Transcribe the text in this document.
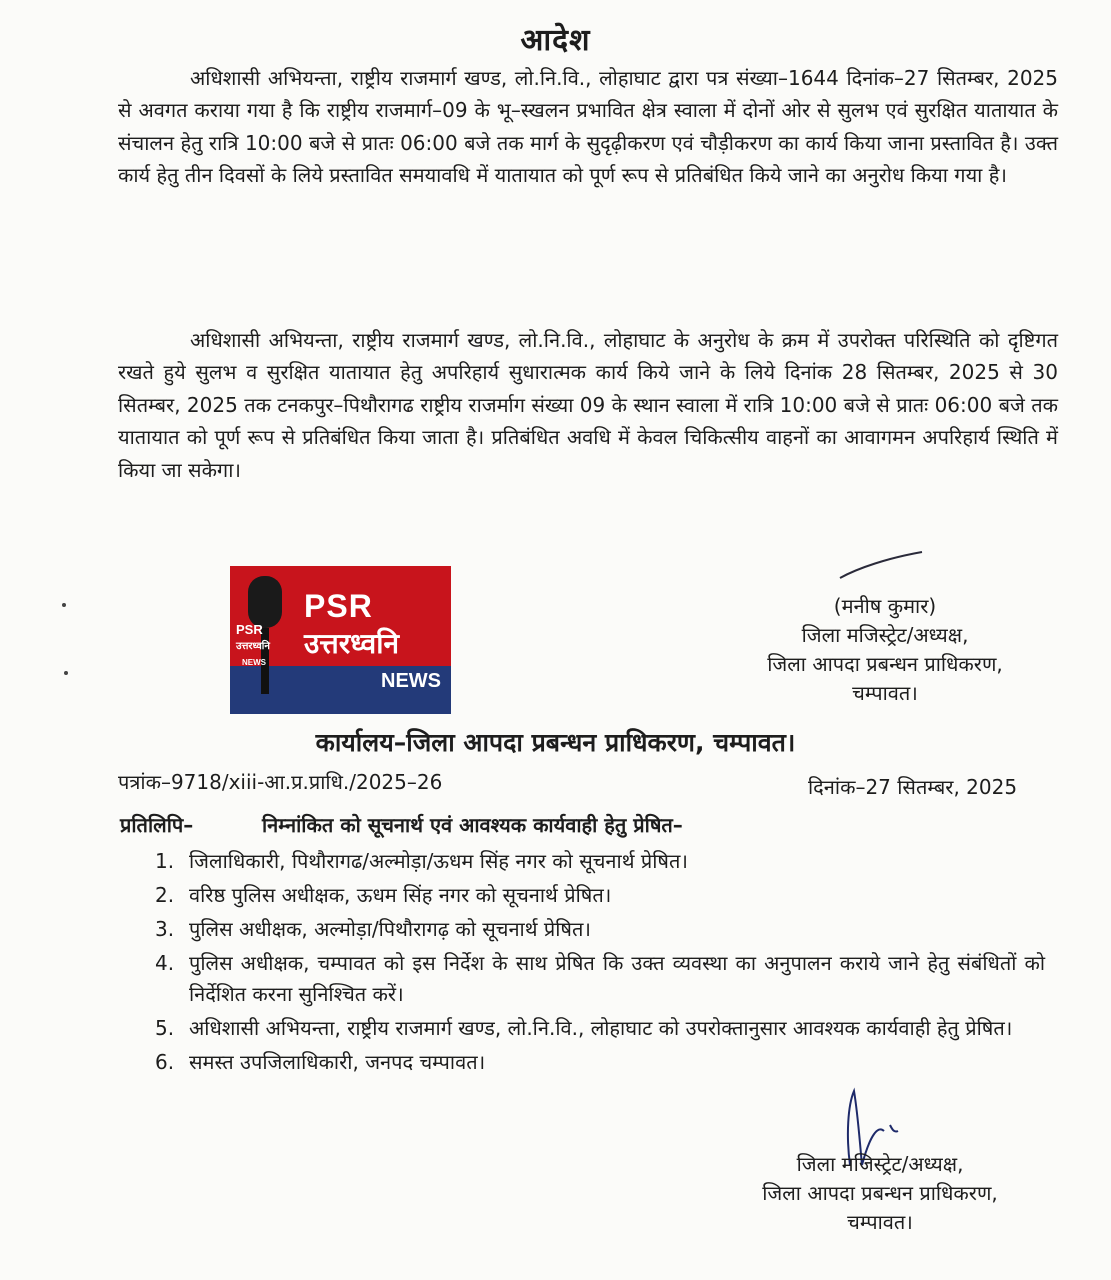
आदेश

अधिशासी अभियन्ता, राष्ट्रीय राजमार्ग खण्ड, लो.नि.वि., लोहाघाट द्वारा पत्र संख्या–1644 दिनांक–27 सितम्बर, 2025 से अवगत कराया गया है कि राष्ट्रीय राजमार्ग–09 के भू–स्खलन प्रभावित क्षेत्र स्वाला में दोनों ओर से सुलभ एवं सुरक्षित यातायात के संचालन हेतु रात्रि 10:00 बजे से प्रातः 06:00 बजे तक मार्ग के सुदृढ़ीकरण एवं चौड़ीकरण का कार्य किया जाना प्रस्तावित है। उक्त कार्य हेतु तीन दिवसों के लिये प्रस्तावित समयावधि में यातायात को पूर्ण रूप से प्रतिबंधित किये जाने का अनुरोध किया गया है।

अधिशासी अभियन्ता, राष्ट्रीय राजमार्ग खण्ड, लो.नि.वि., लोहाघाट के अनुरोध के क्रम में उपरोक्त परिस्थिति को दृष्टिगत रखते हुये सुलभ व सुरक्षित यातायात हेतु अपरिहार्य सुधारात्मक कार्य किये जाने के लिये दिनांक 28 सितम्बर, 2025 से 30 सितम्बर, 2025 तक टनकपुर–पिथौरागढ राष्ट्रीय राजर्माग संख्या 09 के स्थान स्वाला में रात्रि 10:00 बजे से प्रातः 06:00 बजे तक यातायात को पूर्ण रूप से प्रतिबंधित किया जाता है। प्रतिबंधित अवधि में केवल चिकित्सीय वाहनों का आवागमन अपरिहार्य स्थिति में किया जा सकेगा।

(मनीष कुमार)
जिला मजिस्ट्रेट/अध्यक्ष,
जिला आपदा प्रबन्धन प्राधिकरण,
चम्पावत।
PSR
उत्तरध्वनि
NEWS
PSR
उत्तरध्वनि
NEWS
कार्यालय–जिला आपदा प्रबन्धन प्राधिकरण, चम्पावत।
पत्रांक–9718/xiii-आ.प्र.प्राधि./2025–26	दिनांक–27 सितम्बर, 2025
प्रतिलिपि–	निम्नांकित को सूचनार्थ एवं आवश्यक कार्यवाही हेतु प्रेषित–
1. जिलाधिकारी, पिथौरागढ/अल्मोड़ा/ऊधम सिंह नगर को सूचनार्थ प्रेषित।
2. वरिष्ठ पुलिस अधीक्षक, ऊधम सिंह नगर को सूचनार्थ प्रेषित।
3. पुलिस अधीक्षक, अल्मोड़ा/पिथौरागढ़ को सूचनार्थ प्रेषित।
4. पुलिस अधीक्षक, चम्पावत को इस निर्देश के साथ प्रेषित कि उक्त व्यवस्था का अनुपालन कराये जाने हेतु संबंधितों को निर्देशित करना सुनिश्चित करें।
5. अधिशासी अभियन्ता, राष्ट्रीय राजमार्ग खण्ड, लो.नि.वि., लोहाघाट को उपरोक्तानुसार आवश्यक कार्यवाही हेतु प्रेषित।
6. समस्त उपजिलाधिकारी, जनपद चम्पावत।
जिला मजिस्ट्रेट/अध्यक्ष,
जिला आपदा प्रबन्धन प्राधिकरण,
चम्पावत।
